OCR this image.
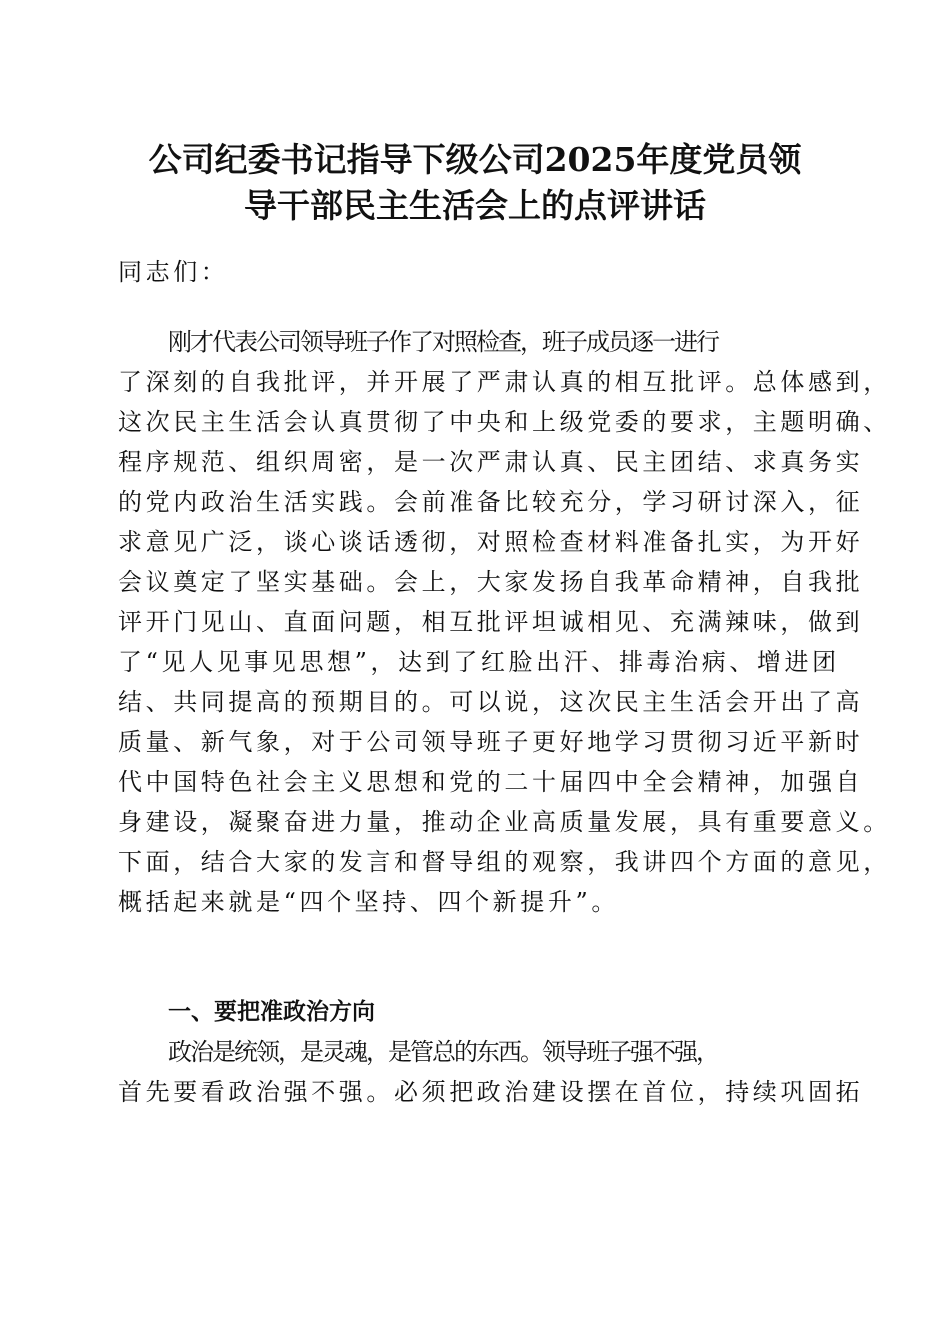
公司纪委书记指导下级公司2025年度党员领
导干部民主生活会上的点评讲话
同志们：
刚才代表公司领导班子作了对照检查，班子成员逐一进行
了深刻的自我批评，并开展了严肃认真的相互批评。总体感到，
这次民主生活会认真贯彻了中央和上级党委的要求，主题明确、
程序规范、组织周密，是一次严肃认真、民主团结、求真务实
的党内政治生活实践。会前准备比较充分，学习研讨深入，征
求意见广泛，谈心谈话透彻，对照检查材料准备扎实，为开好
会议奠定了坚实基础。会上，大家发扬自我革命精神，自我批
评开门见山、直面问题，相互批评坦诚相见、充满辣味，做到
了“见人见事见思想”，达到了红脸出汗、排毒治病、增进团
结、共同提高的预期目的。可以说，这次民主生活会开出了高
质量、新气象，对于公司领导班子更好地学习贯彻习近平新时
代中国特色社会主义思想和党的二十届四中全会精神，加强自
身建设，凝聚奋进力量，推动企业高质量发展，具有重要意义。
下面，结合大家的发言和督导组的观察，我讲四个方面的意见，
概括起来就是“四个坚持、四个新提升”。
一、要把准政治方向
政治是统领，是灵魂，是管总的东西。领导班子强不强，
首先要看政治强不强。必须把政治建设摆在首位，持续巩固拓
